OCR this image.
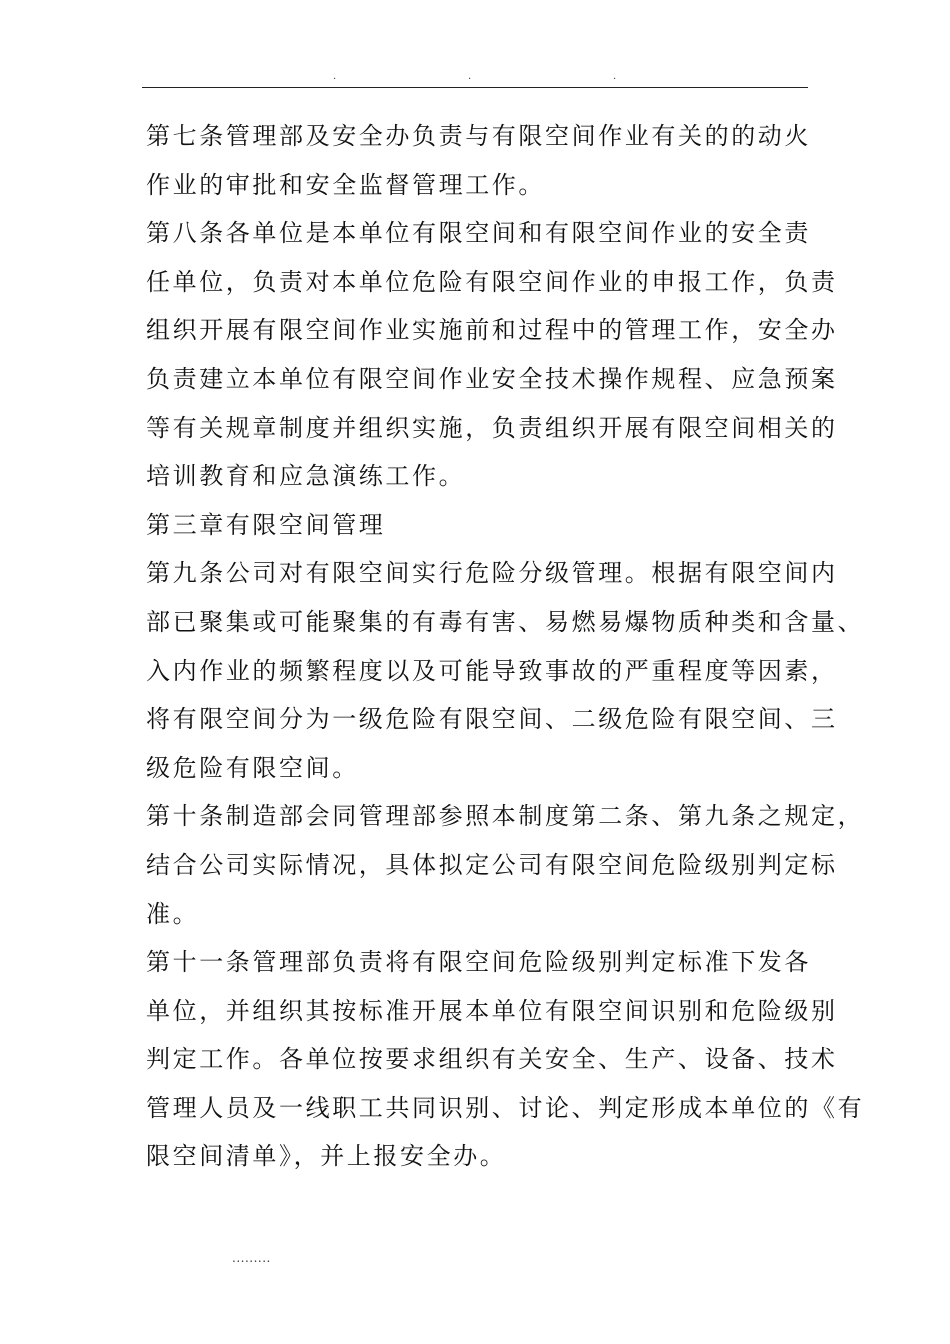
.	.	.

第七条管理部及安全办负责与有限空间作业有关的的动火
作业的审批和安全监督管理工作。

第八条各单位是本单位有限空间和有限空间作业的安全责
任单位，负责对本单位危险有限空间作业的申报工作，负责
组织开展有限空间作业实施前和过程中的管理工作，安全办
负责建立本单位有限空间作业安全技术操作规程、应急预案
等有关规章制度并组织实施，负责组织开展有限空间相关的
培训教育和应急演练工作。

第三章有限空间管理

第九条公司对有限空间实行危险分级管理。根据有限空间内
部已聚集或可能聚集的有毒有害、易燃易爆物质种类和含量、
入内作业的频繁程度以及可能导致事故的严重程度等因素，
将有限空间分为一级危险有限空间、二级危险有限空间、三
级危险有限空间。

第十条制造部会同管理部参照本制度第二条、第九条之规定，
结合公司实际情况，具体拟定公司有限空间危险级别判定标
准。

第十一条管理部负责将有限空间危险级别判定标准下发各
单位，并组织其按标准开展本单位有限空间识别和危险级别
判定工作。各单位按要求组织有关安全、生产、设备、技术
管理人员及一线职工共同识别、讨论、判定形成本单位的《有
限空间清单》，并上报安全办。

.........
